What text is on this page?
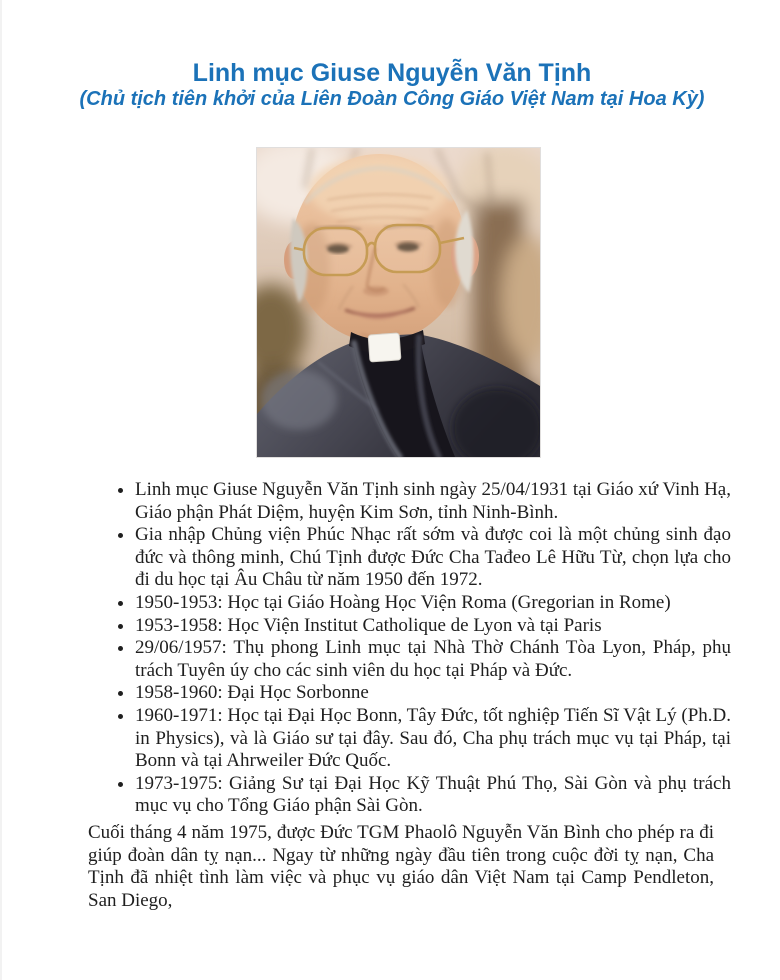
Linh mục Giuse Nguyễn Văn Tịnh
(Chủ tịch tiên khởi của Liên Đoàn Công Giáo Việt Nam tại Hoa Kỳ)
• Linh mục Giuse Nguyễn Văn Tịnh sinh ngày 25/04/1931 tại Giáo xứ Vinh Hạ, Giáo phận Phát Diệm, huyện Kim Sơn, tỉnh Ninh-Bình.
• Gia nhập Chủng viện Phúc Nhạc rất sớm và được coi là một chủng sinh đạo đức và thông minh, Chú Tịnh được Đức Cha Tađeo Lê Hữu Từ, chọn lựa cho đi du học tại Âu Châu từ năm 1950 đến 1972.
• 1950-1953: Học tại Giáo Hoàng Học Viện Roma (Gregorian in Rome)
• 1953-1958: Học Viện Institut Catholique de Lyon và tại Paris
• 29/06/1957: Thụ phong Linh mục tại Nhà Thờ Chánh Tòa Lyon, Pháp, phụ trách Tuyên úy cho các sinh viên du học tại Pháp và Đức.
• 1958-1960: Đại Học Sorbonne
• 1960-1971: Học tại Đại Học Bonn, Tây Đức, tốt nghiệp Tiến Sĩ Vật Lý (Ph.D. in Physics), và là Giáo sư tại đây. Sau đó, Cha phụ trách mục vụ tại Pháp, tại Bonn và tại Ahrweiler Đức Quốc.
• 1973-1975: Giảng Sư tại Đại Học Kỹ Thuật Phú Thọ, Sài Gòn và phụ trách mục vụ cho Tổng Giáo phận Sài Gòn.

Cuối tháng 4 năm 1975, được Đức TGM Phaolô Nguyễn Văn Bình cho phép ra đi giúp đoàn dân tỵ nạn... Ngay từ những ngày đầu tiên trong cuộc đời tỵ nạn, Cha Tịnh đã nhiệt tình làm việc và phục vụ giáo dân Việt Nam tại Camp Pendleton, San Diego,
